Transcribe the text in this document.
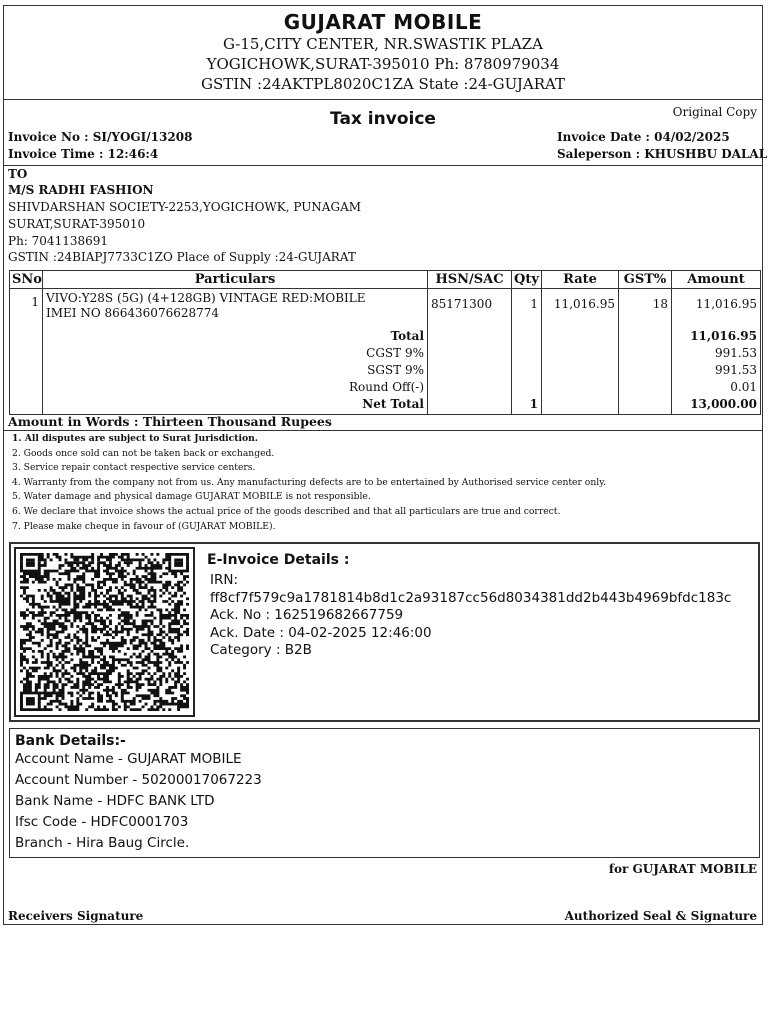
GUJARAT MOBILE
G-15,CITY CENTER, NR.SWASTIK PLAZA
YOGICHOWK,SURAT-395010 Ph: 8780979034
GSTIN :24AKTPL8020C1ZA State :24-GUJARAT
Original Copy
Tax invoice
Invoice No : SI/YOGI/13208
Invoice Time : 12:46:4
Invoice Date : 04/02/2025
Saleperson : KHUSHBU DALAL
TO
M/S RADHI FASHION
SHIVDARSHAN SOCIETY-2253,YOGICHOWK, PUNAGAM
SURAT,SURAT-395010
Ph: 7041138691
GSTIN :24BIAPJ7733C1ZO Place of Supply :24-GUJARAT
SNo	Particulars	HSN/SAC	Qty	Rate	GST%	Amount
1	VIVO:Y28S (5G) (4+128GB) VINTAGE RED:MOBILE
IMEI NO 866436076628774	85171300	1	11,016.95	18	11,016.95
	Total					11,016.95
	CGST 9%					991.53
	SGST 9%					991.53
	Round Off(-)					0.01
	Net Total		1			13,000.00
Amount in Words : Thirteen Thousand Rupees
1. All disputes are subject to Surat Jurisdiction.
2. Goods once sold can not be taken back or exchanged.
3. Service repair contact respective service centers.
4. Warranty from the company not from us. Any manufacturing defects are to be entertained by Authorised service center only.
5. Water damage and physical damage GUJARAT MOBILE is not responsible.
6. We declare that invoice shows the actual price of the goods described and that all particulars are true and correct.
7. Please make cheque in favour of (GUJARAT MOBILE).
E-Invoice Details :
IRN:
ff8cf7f579c9a1781814b8d1c2a93187cc56d8034381dd2b443b4969bfdc183c
Ack. No : 162519682667759
Ack. Date : 04-02-2025 12:46:00
Category : B2B
Bank Details:-
Account Name - GUJARAT MOBILE
Account Number - 50200017067223
Bank Name - HDFC BANK LTD
Ifsc Code - HDFC0001703
Branch - Hira Baug Circle.
for GUJARAT MOBILE
Receivers Signature	Authorized Seal & Signature
